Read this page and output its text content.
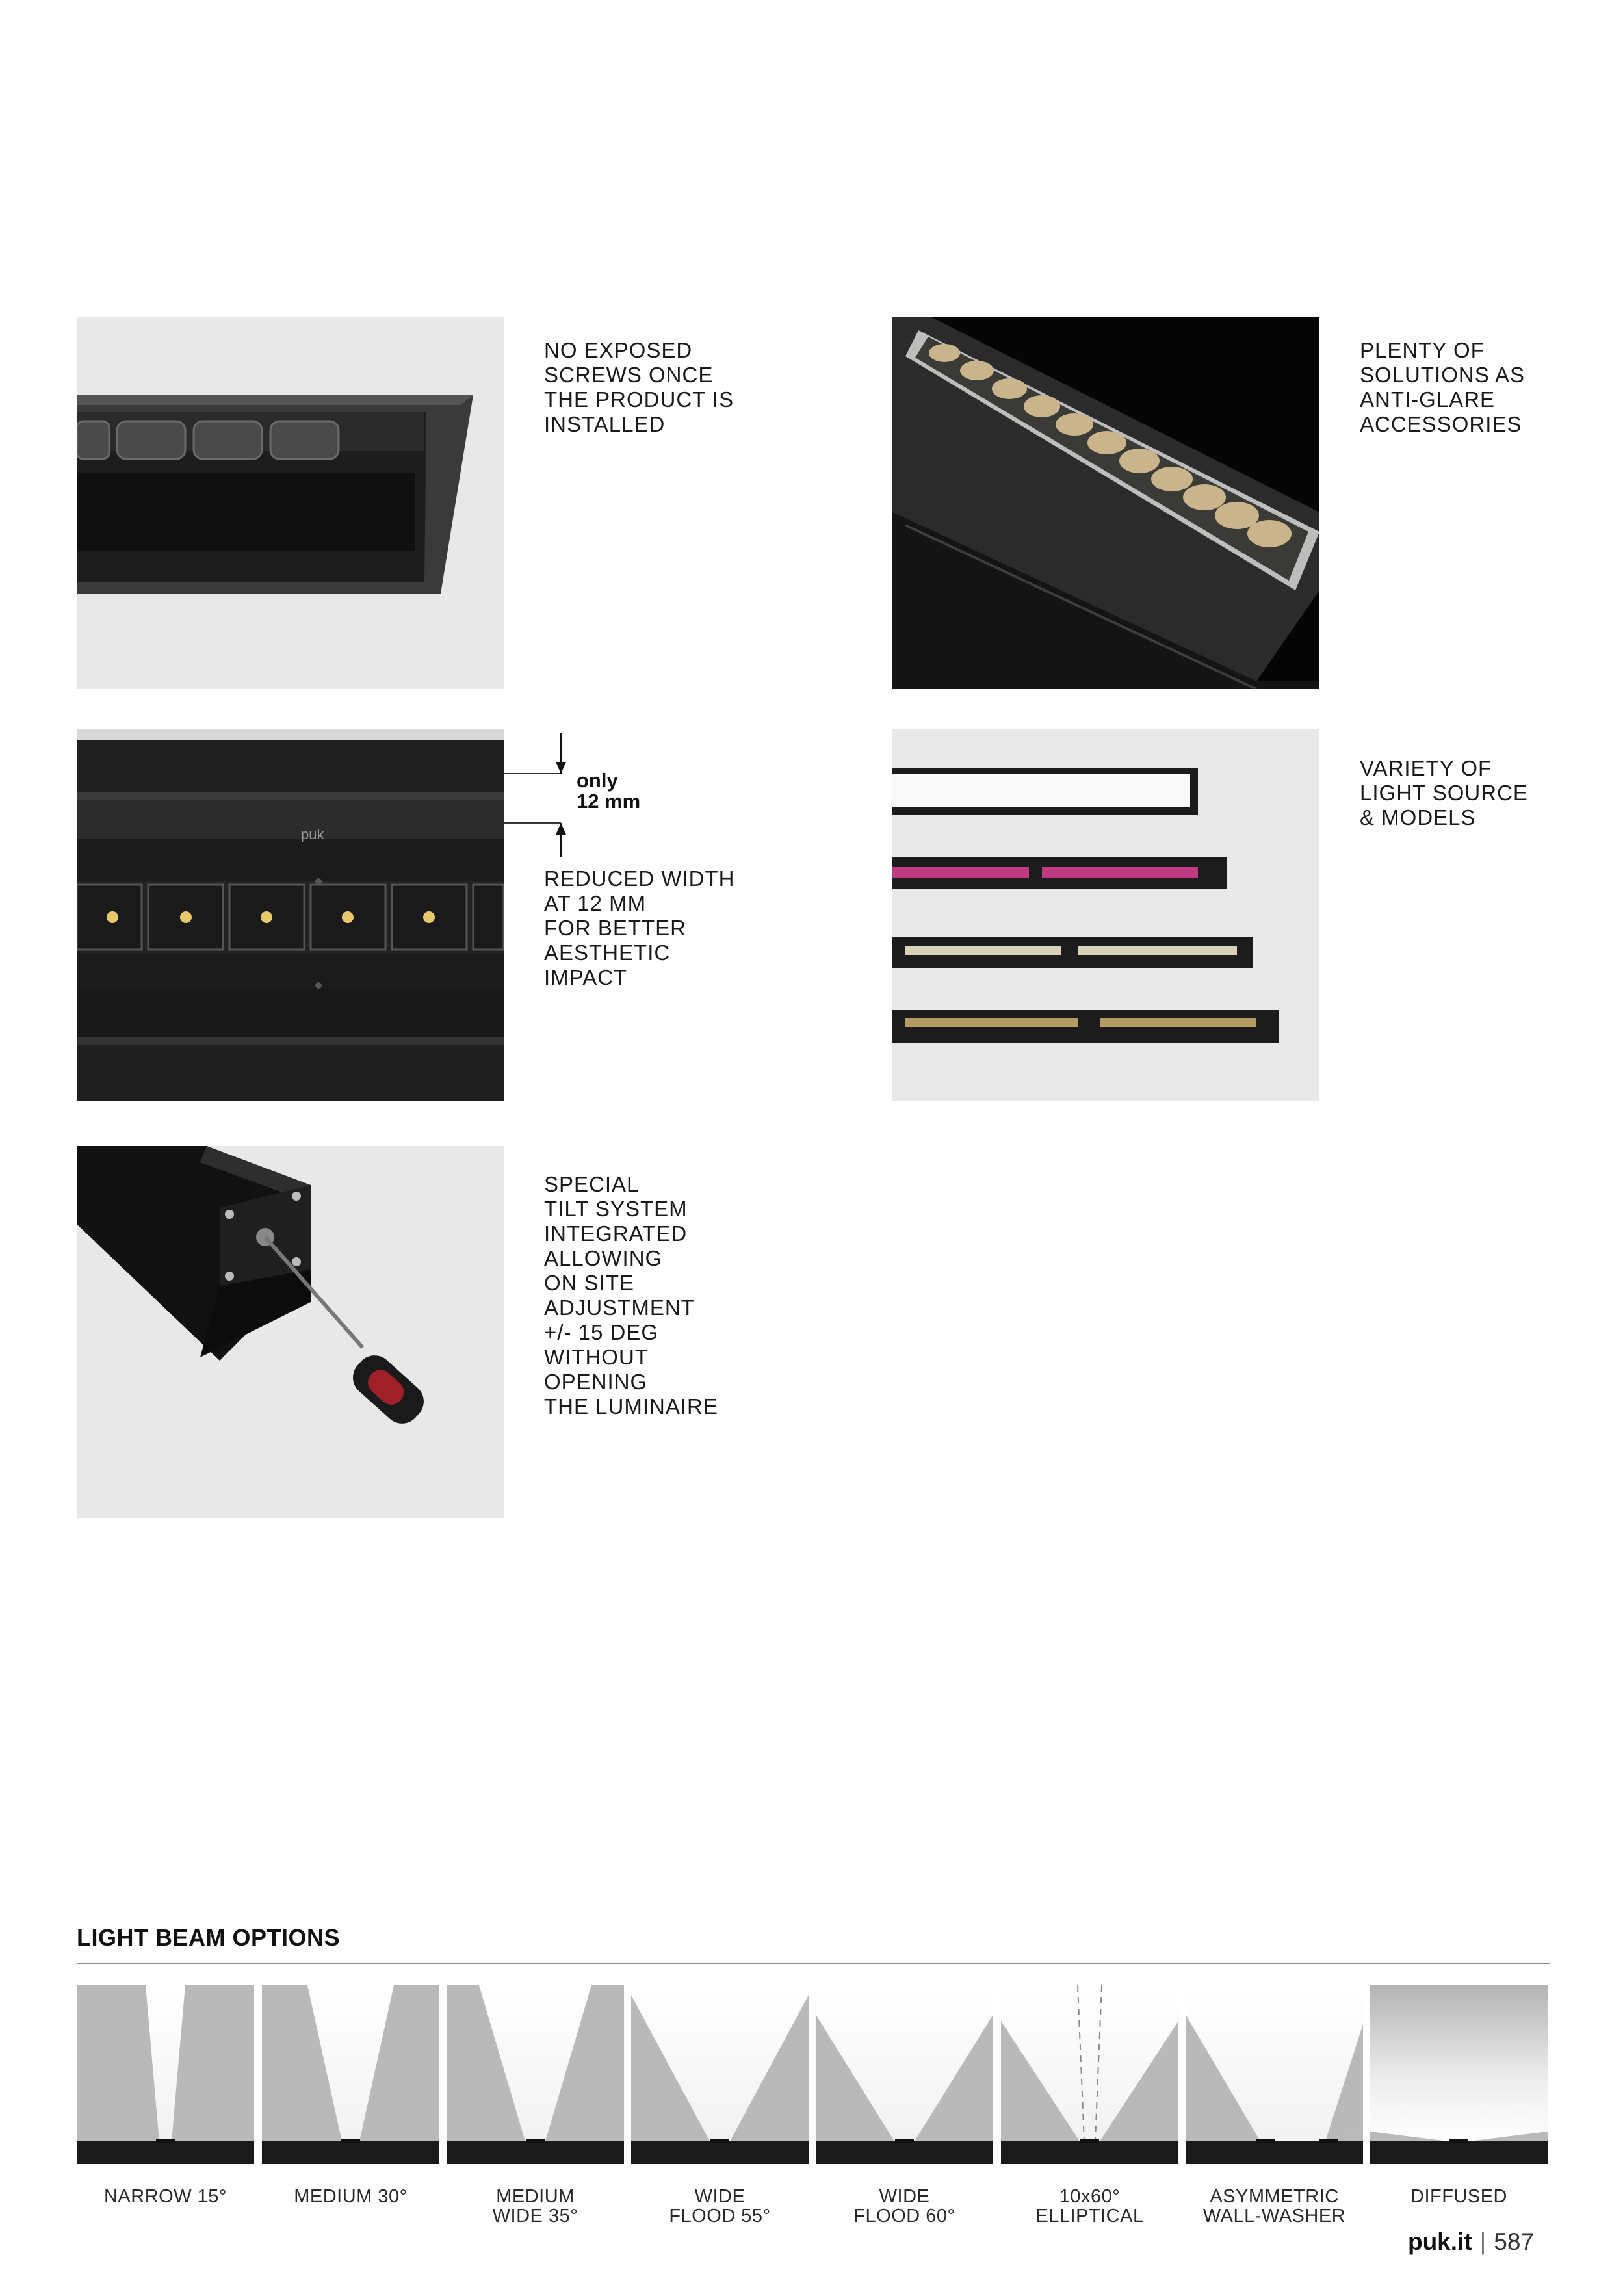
NO EXPOSED
SCREWS ONCE
THE PRODUCT IS
INSTALLED
PLENTY OF
SOLUTIONS AS
ANTI-GLARE
ACCESSORIES
puk
only
12 mm
REDUCED WIDTH
AT 12 MM
FOR BETTER
AESTHETIC
IMPACT
VARIETY OF
LIGHT SOURCE
& MODELS
SPECIAL
TILT SYSTEM
INTEGRATED
ALLOWING
ON SITE
ADJUSTMENT
+/- 15 DEG
WITHOUT
OPENING
THE LUMINAIRE
LIGHT BEAM OPTIONS
NARROW 15°	MEDIUM 30°	MEDIUM
WIDE 35°
WIDE
FLOOD 55°
WIDE
FLOOD 60°
10x60°
ELLIPTICAL
ASYMMETRIC
WALL-WASHER
DIFFUSED
puk.it | 587
